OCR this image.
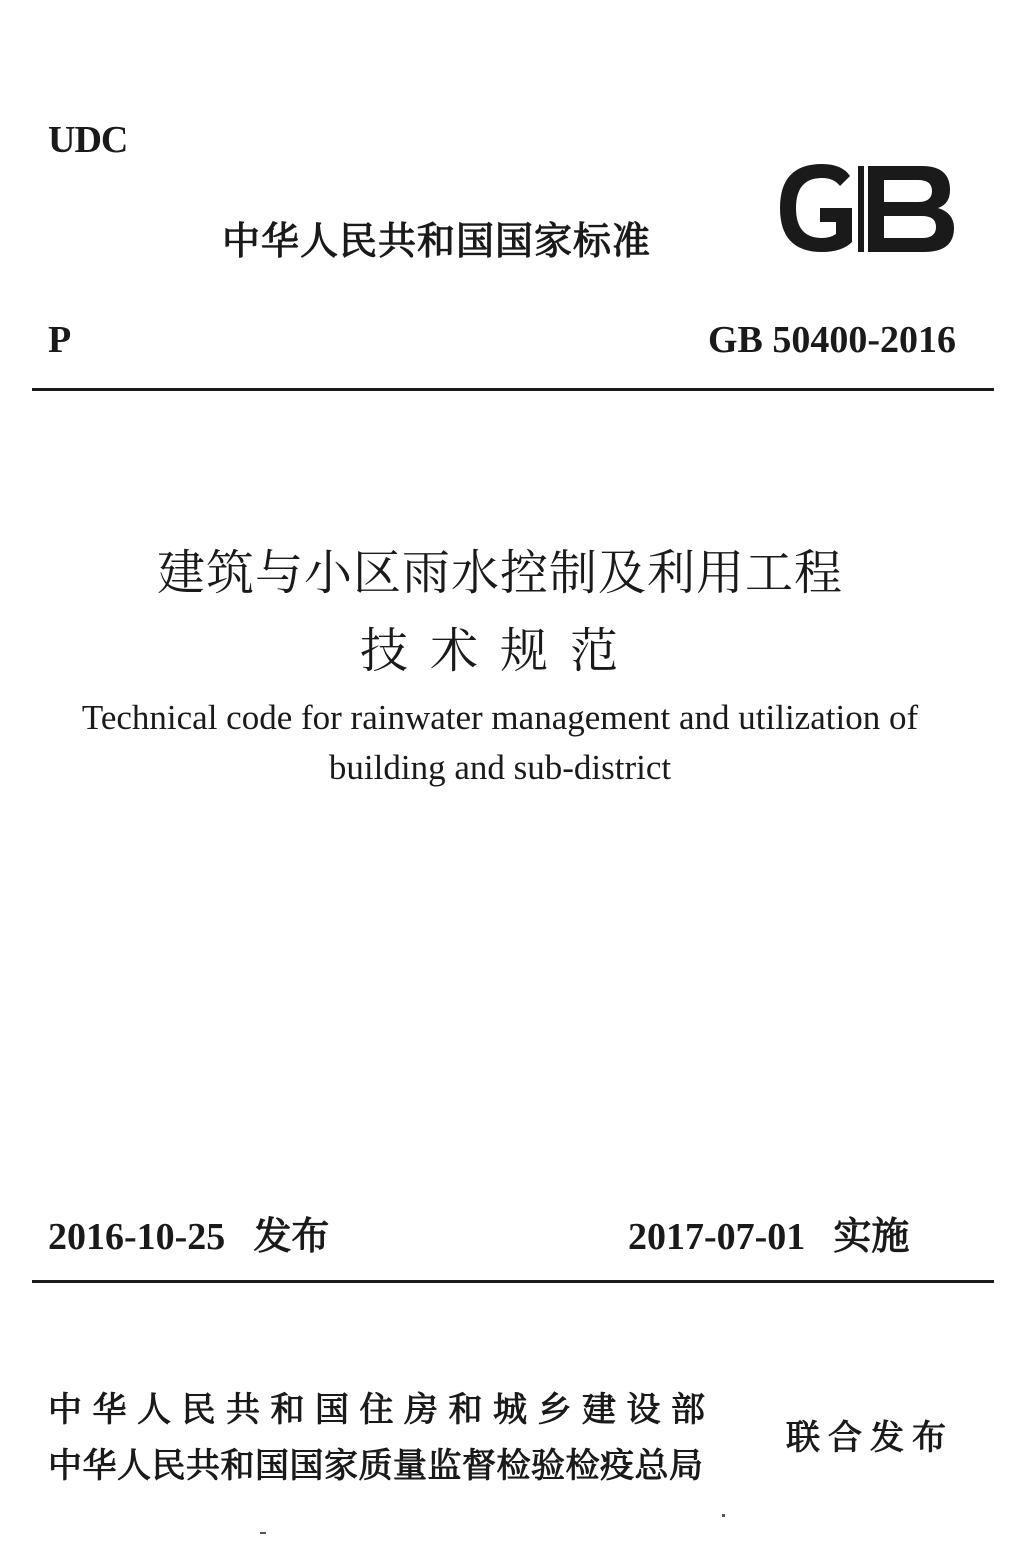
UDC
中华人民共和国国家标准
P	GB 50400-2016
建筑与小区雨水控制及利用工程
技术规范
Technical code for rainwater management and utilization of
building and sub-district
2016-10-25 发布	2017-07-01 实施
中华人民共和国住房和城乡建设部
中华人民共和国国家质量监督检验检疫总局
联合发布
